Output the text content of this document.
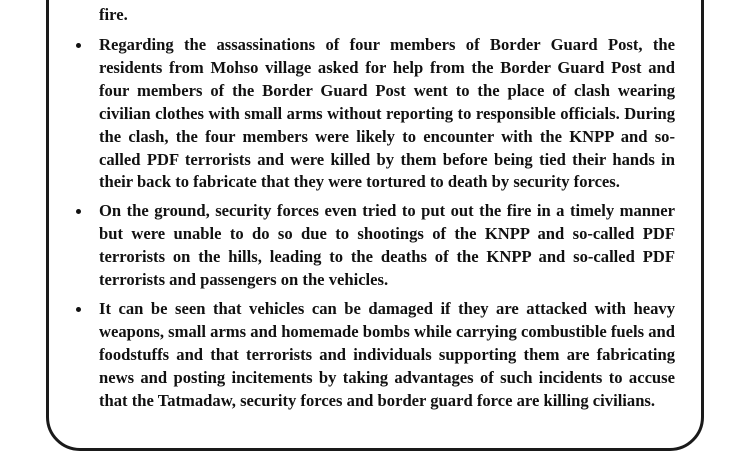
fire.
Regarding the assassinations of four members of Border Guard Post, the residents from Mohso village asked for help from the Border Guard Post and four members of the Border Guard Post went to the place of clash wearing civilian clothes with small arms without reporting to responsible officials. During the clash, the four members were likely to encounter with the KNPP and so-called PDF terrorists and were killed by them before being tied their hands in their back to fabricate that they were tortured to death by security forces.
On the ground, security forces even tried to put out the fire in a timely manner but were unable to do so due to shootings of the KNPP and so-called PDF terrorists on the hills, leading to the deaths of the KNPP and so-called PDF terrorists and passengers on the vehicles.
It can be seen that vehicles can be damaged if they are attacked with heavy weapons, small arms and homemade bombs while carrying combustible fuels and foodstuffs and that terrorists and individuals supporting them are fabricating news and posting incitements by taking advantages of such incidents to accuse that the Tatmadaw, security forces and border guard force are killing civilians.
